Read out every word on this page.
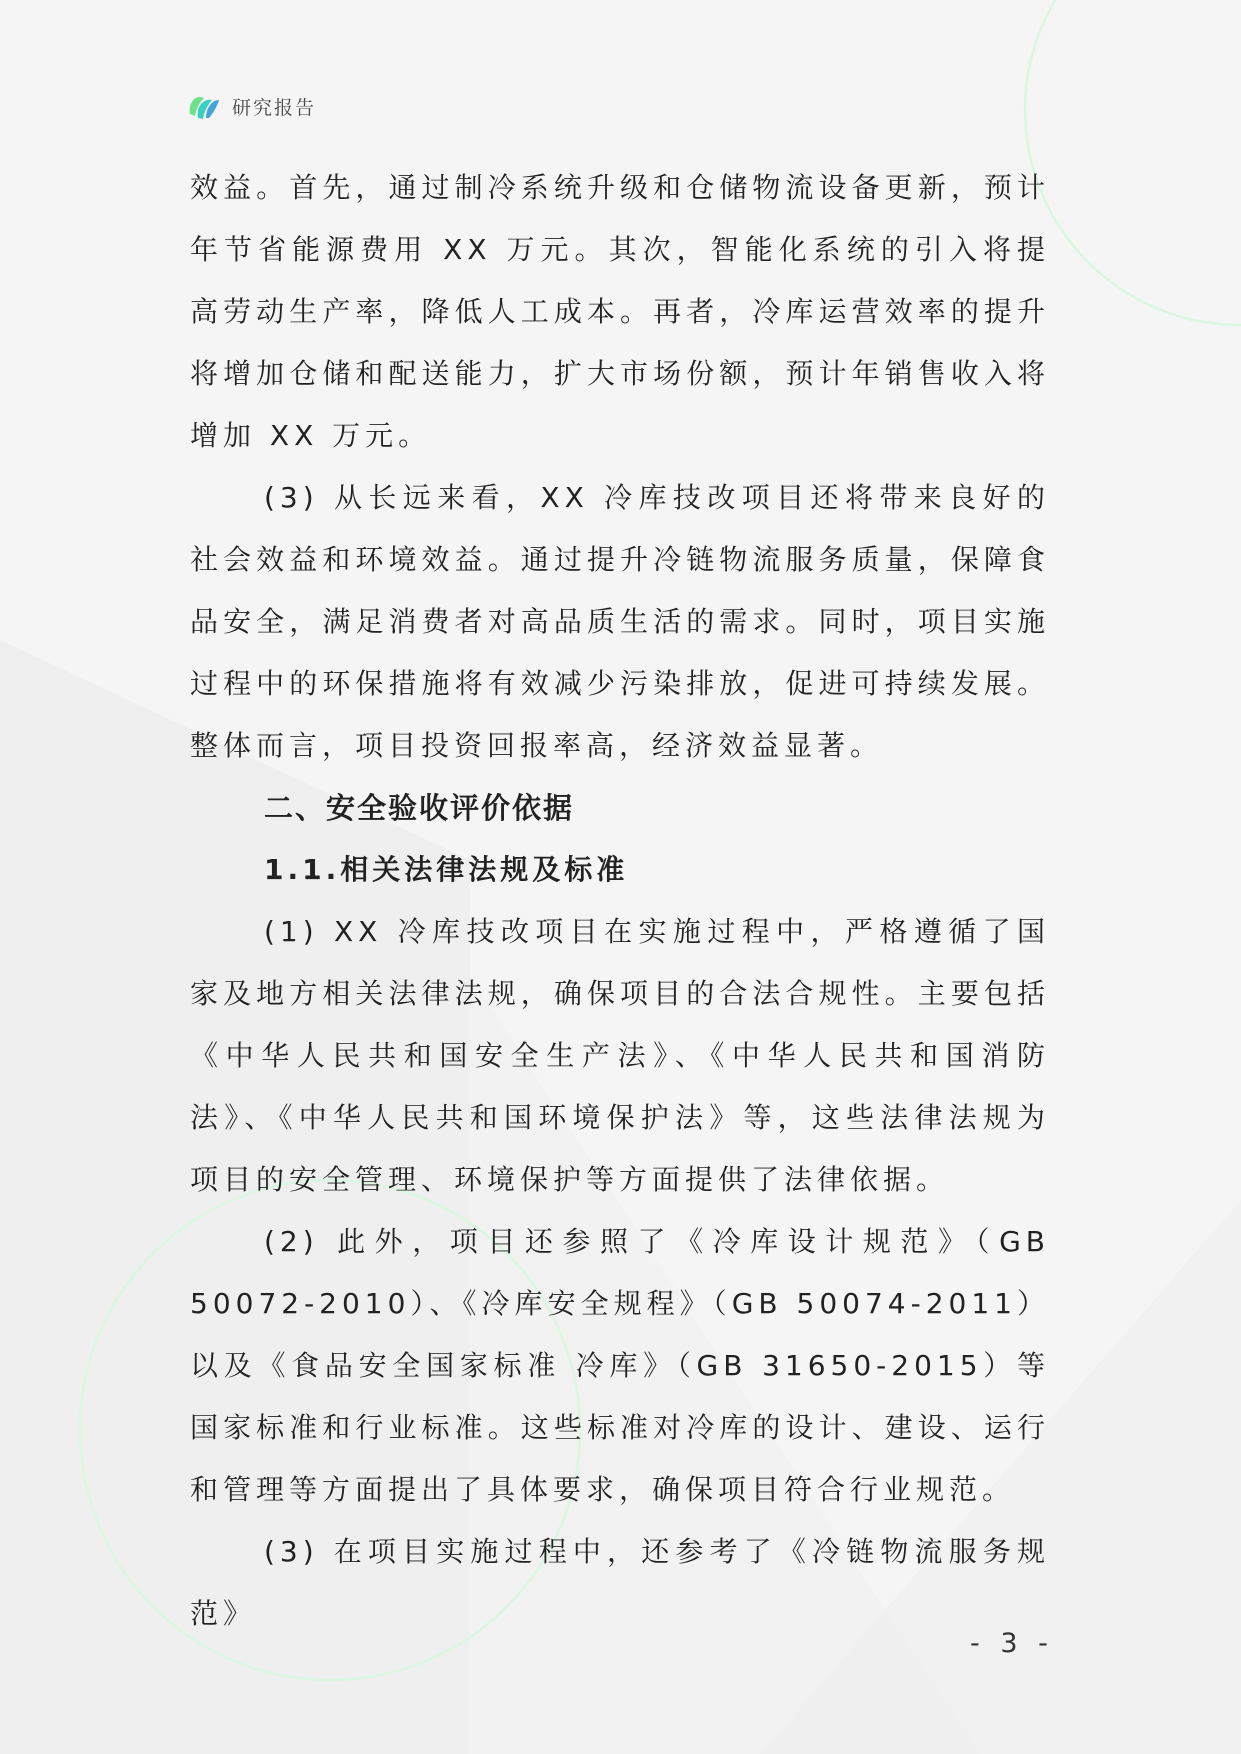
研究报告

效益。首先，通过制冷系统升级和仓储物流设备更新，预计年节省能源费用 XX 万元。其次，智能化系统的引入将提高劳动生产率，降低人工成本。再者，冷库运营效率的提升将增加仓储和配送能力，扩大市场份额，预计年销售收入将增加 XX 万元。

(3) 从长远来看，XX 冷库技改项目还将带来良好的社会效益和环境效益。通过提升冷链物流服务质量，保障食品安全，满足消费者对高品质生活的需求。同时，项目实施过程中的环保措施将有效减少污染排放，促进可持续发展。整体而言，项目投资回报率高，经济效益显著。

二、安全验收评价依据
1.1.相关法律法规及标准

(1) XX 冷库技改项目在实施过程中，严格遵循了国家及地方相关法律法规，确保项目的合法合规性。主要包括《中华人民共和国安全生产法》、《中华人民共和国消防法》、《中华人民共和国环境保护法》等，这些法律法规为项目的安全管理、环境保护等方面提供了法律依据。

(2) 此外，项目还参照了《冷库设计规范》（GB 50072-2010）、《冷库安全规程》（GB 50074-2011）以及《食品安全国家标准 冷库》（GB 31650-2015）等国家标准和行业标准。这些标准对冷库的设计、建设、运行和管理等方面提出了具体要求，确保项目符合行业规范。

(3) 在项目实施过程中，还参考了《冷链物流服务规范》

- 3 -
